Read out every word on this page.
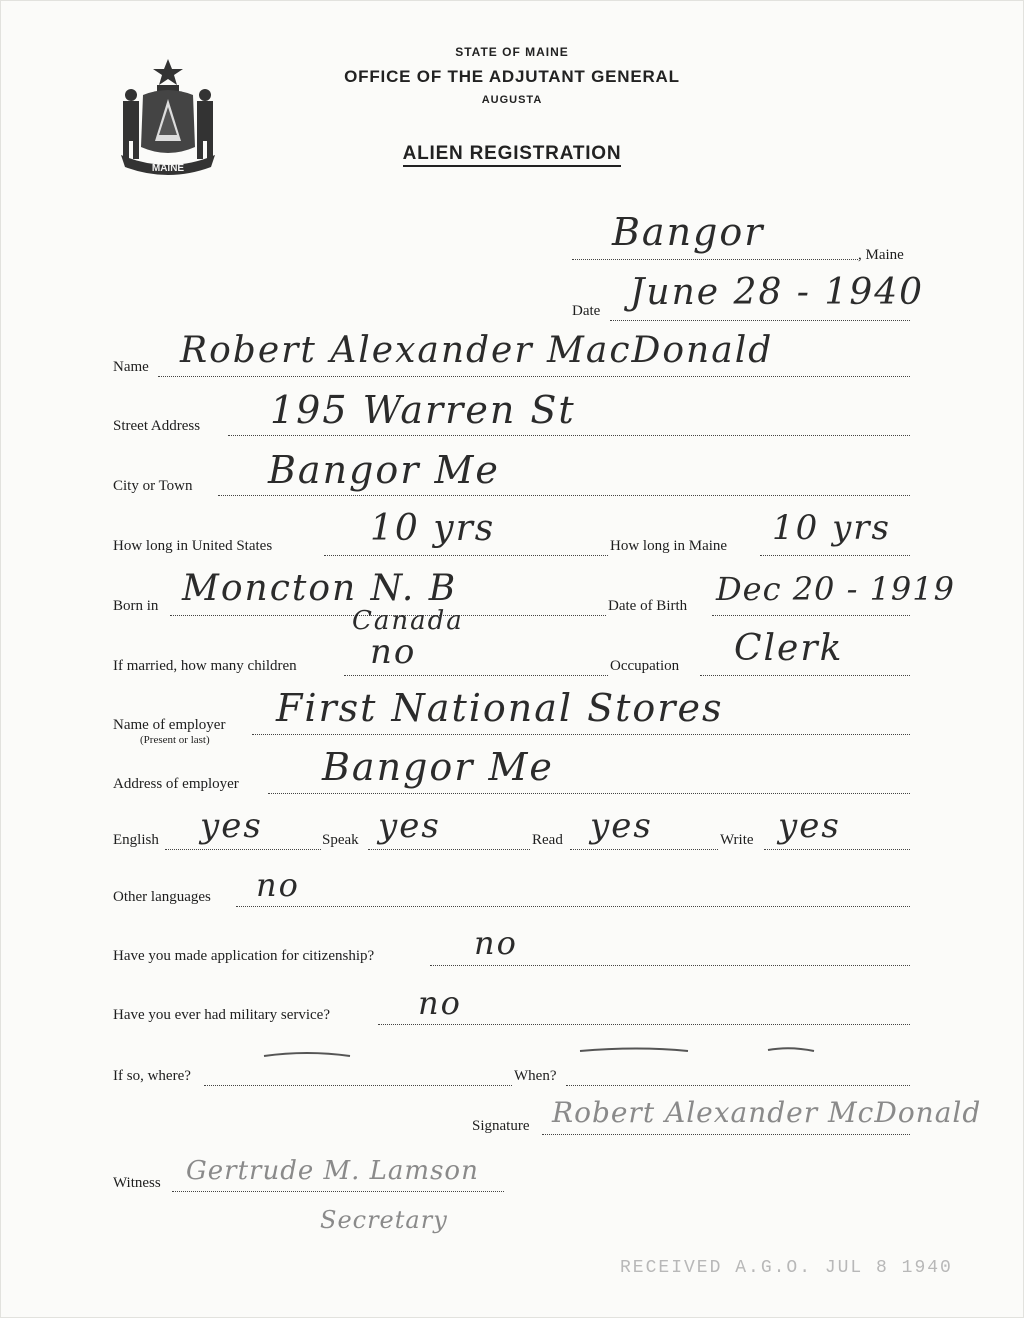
MAINE
STATE OF MAINE
OFFICE OF THE ADJUTANT GENERAL
AUGUSTA
ALIEN REGISTRATION
Bangor
, Maine
Date June 28 - 1940
Name Robert Alexander MacDonald
Street Address 195 Warren St
City or Town Bangor Me
How long in United States	10 yrs	How long in Maine 10 yrs
Born in Moncton N. B
Canada	Date of Birth Dec 20 - 1919
If married, how many children no	Occupation Clerk
Name of employer
(Present or last)
First National Stores
Address of employer Bangor Me
English yes	Speak yes	Read yes	Write yes
Other languages no
Have you made application for citizenship?	no
Have you ever had military service?	no
If so, where?	When?
Signature Robert Alexander McDonald
Witness Gertrude M. Lamson
Secretary
RECEIVED A.G.O. JUL 8 1940
